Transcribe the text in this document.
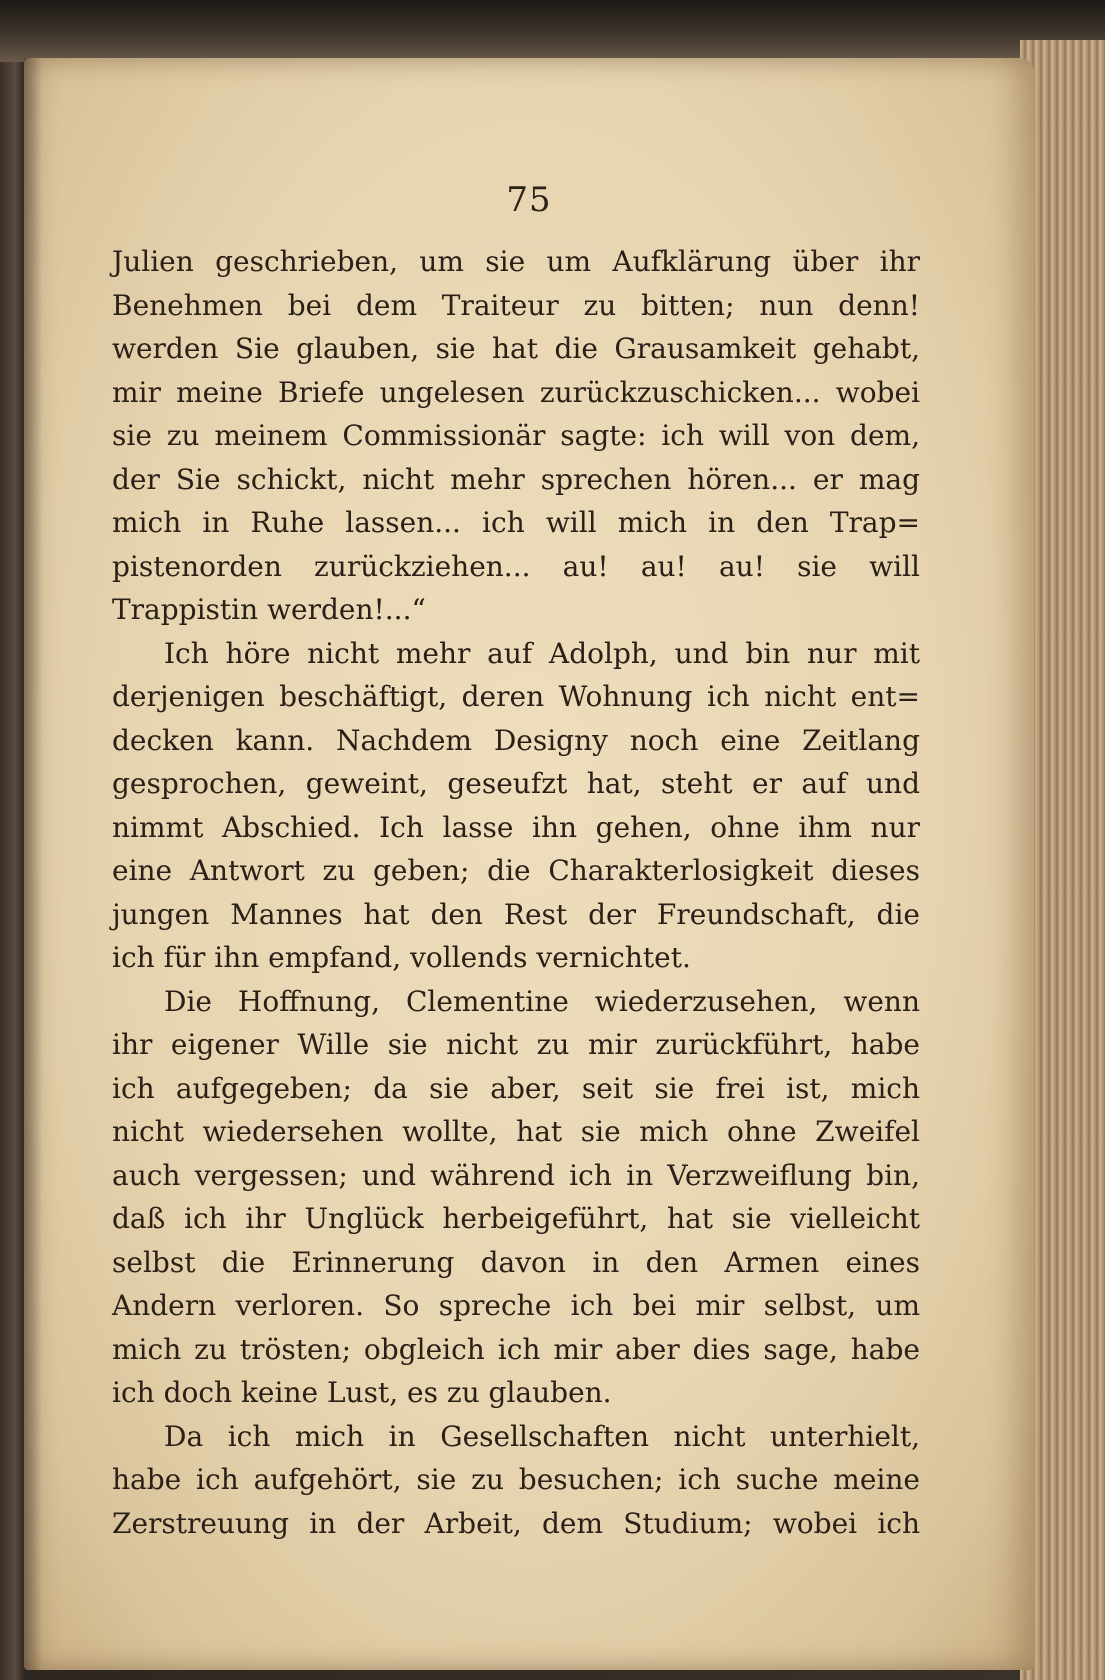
75
Julien geschrieben, um sie um Aufklärung über ihr
Benehmen bei dem Traiteur zu bitten; nun denn!
werden Sie glauben, sie hat die Grausamkeit gehabt,
mir meine Briefe ungelesen zurückzuschicken... wobei
sie zu meinem Commissionär sagte: ich will von dem,
der Sie schickt, nicht mehr sprechen hören... er mag
mich in Ruhe lassen... ich will mich in den Trap=
pistenorden zurückziehen... au! au! au! sie will
Trappistin werden!...“
Ich höre nicht mehr auf Adolph, und bin nur mit
derjenigen beschäftigt, deren Wohnung ich nicht ent=
decken kann. Nachdem Designy noch eine Zeitlang
gesprochen, geweint, geseufzt hat, steht er auf und
nimmt Abschied. Ich lasse ihn gehen, ohne ihm nur
eine Antwort zu geben; die Charakterlosigkeit dieses
jungen Mannes hat den Rest der Freundschaft, die
ich für ihn empfand, vollends vernichtet.
Die Hoffnung, Clementine wiederzusehen, wenn
ihr eigener Wille sie nicht zu mir zurückführt, habe
ich aufgegeben; da sie aber, seit sie frei ist, mich
nicht wiedersehen wollte, hat sie mich ohne Zweifel
auch vergessen; und während ich in Verzweiflung bin,
daß ich ihr Unglück herbeigeführt, hat sie vielleicht
selbst die Erinnerung davon in den Armen eines
Andern verloren. So spreche ich bei mir selbst, um
mich zu trösten; obgleich ich mir aber dies sage, habe
ich doch keine Lust, es zu glauben.
Da ich mich in Gesellschaften nicht unterhielt,
habe ich aufgehört, sie zu besuchen; ich suche meine
Zerstreuung in der Arbeit, dem Studium; wobei ich
